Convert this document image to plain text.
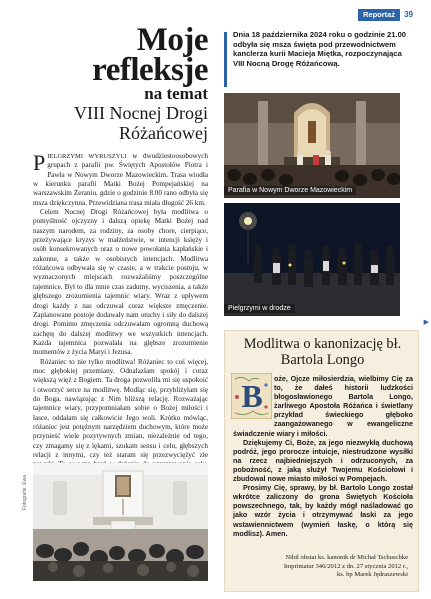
Reportaż	39
Moje
refleksje
na temat
VIII Nocnej Drogi
Różańcowej

PIELGRZYMI WYRUSZYLI w dwudziestoosobowych grupach z parafii pw. Świętych Apostołów Piotra i Pawła w Nowym Dworze Mazowieckim. Trasa wiodła w kierunku parafii Matki Bożej Pompejańskiej na warszawskim Żeraniu, gdzie o godzinie 8.00 rano odbyła się msza dziękczynna. Przewidziana trasa miała długość 26 km.

Celem Nocnej Drogi Różańcowej była modlitwa o pomyślność ojczyzny i dalszą opiekę Matki Bożej nad naszym narodem, za rodziny, za osoby chore, cierpiące, przeżywające kryzys w małżeństwie, w intencji księży i osób konsekrowanych oraz o nowe powołania kapłańskie i zakonne, a także w osobistych intencjach. Modlitwa różańcowa odbywała się w czasie, a w trakcie postoju, w wyznaczonych miejscach rozważaliśmy poszczególne tajemnice. Był to dla mnie czas zadumy, wyciszenia, a także głębszego zrozumienia tajemnic wiary. Wraz z upływem drogi każdy z nas odczuwał coraz większe zmęczenie. Zaplanowane postoje dodawały nam otuchy i siły do dalszej drogi. Pomimo zmęczenia odczuwałam ogromną duchową zachętę do dalszej modlitwy we wszystkich intencjach. Każda tajemnica pozwalała na głębsze zrozumienie momentów z życia Maryi i Jezusa.

Różaniec to nie tylko modlitwa! Różaniec to coś więcej, moc głębokiej przemiany. Odnalazłam spokój i coraz większą więź z Bogiem. Ta droga pozwoliła mi się uspokoić i otworzyć serce na modlitwę. Modląc się, przybliżyłam się do Boga, nawiązując z Nim bliższą relację. Rozważając tajemnice wiary, przypomniałam sobie o Bożej miłości i łasce, oddałam się całkowicie Jego woli. Krótko mówiąc, różaniec jest potężnym narzędziem duchowym, które może przynieść wiele pozytywnych zmian, niezależnie od tego, czy zmagamy się z lękami, szukam sensu i celu, głębszych relacji z innymi, czy też staram się przezwyciężyć złe

Fotografie: Ewa
Dnia 18 października 2024 roku o godzinie 21.00 odbyła się msza święta pod przewodnictwem kanclerza kurii Macieja Miętka, rozpoczynająca VIII Nocną Drogę Różańcową.
Parafia w Nowym Dworze Mazowieckim
Pielgrzymi w drodze
▶
Modlitwa o kanonizację bł. Bartola Longo
B	oże, Ojcze miłosierdzia, wielbimy Cię za to, że dałeś historii ludzkości błogosławionego Bartola Longo, żarliwego Apostoła Różańca i świetlany przykład świeckiego głęboko zaangażowanego w ewangeliczne świadczenie wiary i miłości.

Dziękujemy Ci, Boże, za jego niezwykłą duchową podróż, jego prorocze intuicje, niestrudzone wysiłki na rzecz najbiedniejszych i odrzuconych, za pobożność, z jaką służył Twojemu Kościołowi i zbudowal nowe miasto miłości w Pompejach.

Prosimy Cię, sprawy, by bł. Bartolo Longo został wkrótce zaliczony do grona Świętych Kościoła powszechnego, tak, by każdy mógł naśladować go jako wzór życia i otrzymywać łaski za jego wstawiennictwem (wymień łaskę, o którą się modlisz). Amen.

Nihil obstat ks. kanonik dr Michał Tschuschke
Imprimatur 346/2012 z dn. 27 stycznia 2012 r.,
ks. bp Marek Jędraszewski
